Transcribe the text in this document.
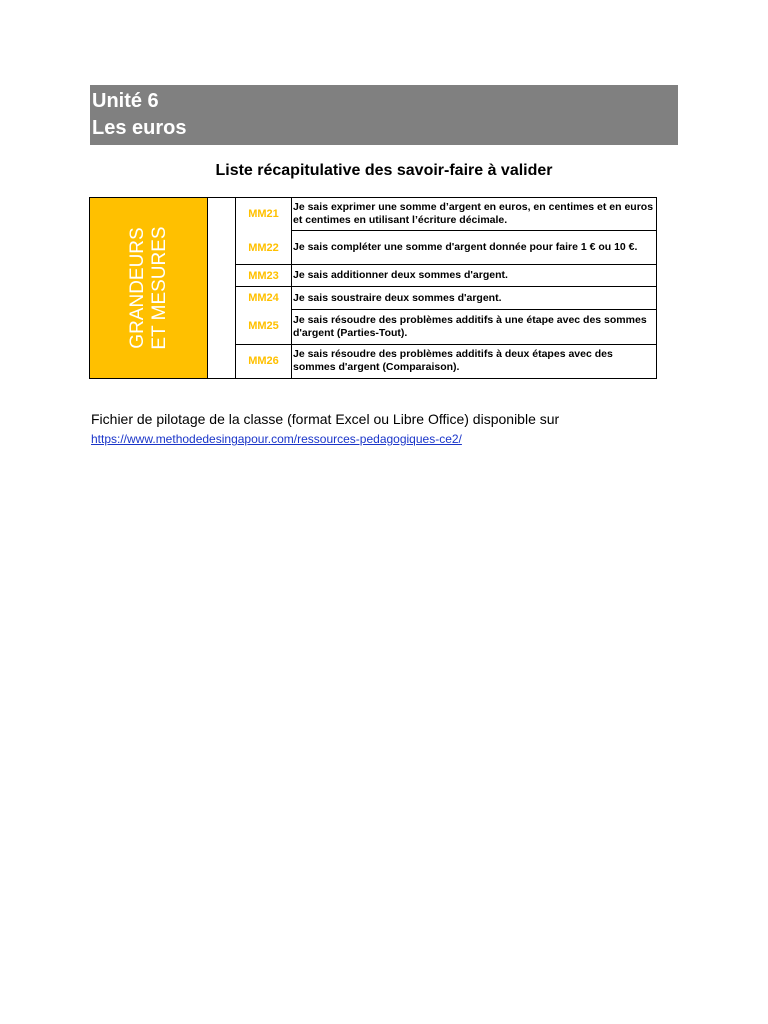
Unité 6
Les euros
Liste récapitulative des savoir-faire à valider
GRANDEURS ET MESURES		MM21	Je sais exprimer une somme d’argent en euros, en centimes et en euros et centimes en utilisant l’écriture décimale.
		MM22	Je sais compléter une somme d'argent donnée pour faire 1 € ou 10 €.
		MM23	Je sais additionner deux sommes d'argent.
		MM24	Je sais soustraire deux sommes d'argent.
		MM25	Je sais résoudre des problèmes additifs à une étape avec des sommes d'argent (Parties-Tout).
		MM26	Je sais résoudre des problèmes additifs à deux étapes avec des sommes d'argent (Comparaison).
Fichier de pilotage de la classe (format Excel ou Libre Office) disponible sur
https://www.methodedesingapour.com/ressources-pedagogiques-ce2/
